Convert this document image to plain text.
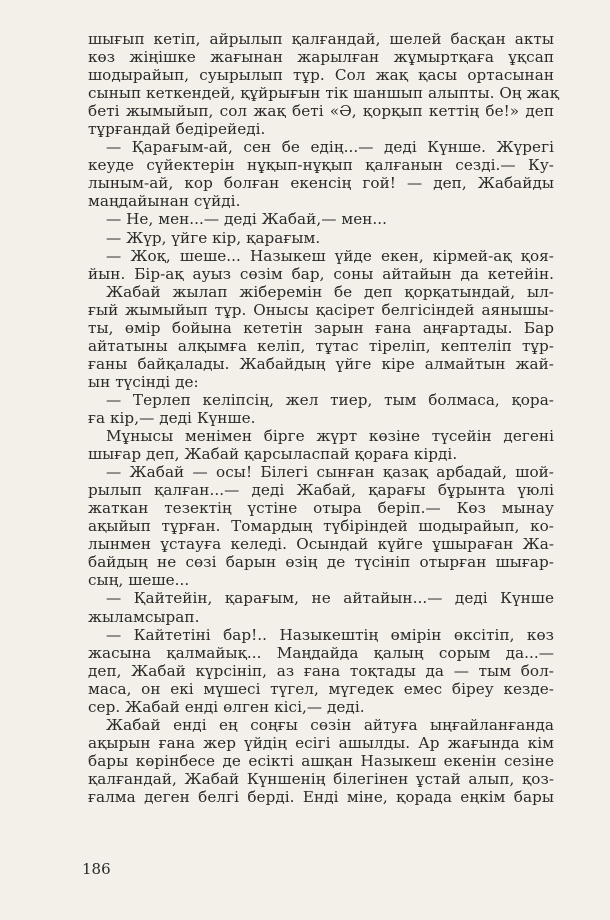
шығып кетіп, айрылып қалғандай, шелей басқан акты
көз жіңішке жағынан жарылған жұмыртқаға ұқсап
шодырайып, суырылып тұр. Сол жақ қасы ортасынан
сынып кеткендей, құйрығын тік шаншып алыпты. Оң жақ
беті жымыйып, сол жақ беті «Ә, қорқып кеттің бе!» деп
тұрғандай бедірейеді.
— Қарағым-ай, сен бе едің...— деді Күнше. Жүрегі
кеуде сүйектерін нұқып-нұқып қалғанын сезді.— Ку-
лыным-ай, кор болған екенсің гой! — деп, Жабайды
маңдайынан сүйді.
— Не, мен...— деді Жабай,— мен...
— Жүр, үйге кір, қарағым.
— Жоқ, шеше... Назыкеш үйде екен, кірмей-ақ қоя-
йын. Бір-ақ ауыз сөзім бар, соны айтайын да кетейін.
Жабай жылап жіберемін бе деп қорқатындай, ыл-
ғый жымыйып тұр. Оныcы қасірет белгісіндей аянышы-
ты, өмір бойына кететін зарын ғана аңғартады. Бар
айтатыны алқымға келіп, тұтас тіреліп, кептеліп тұр-
ғаны байқалады. Жабайдың үйге кіре алмайтын жай-
ын түсінді де:
— Терлеп келіпсің, жел тиер, тым болмаса, қора-
ға кір,— деді Күнше.
Мұнысы менімен бірге жүрт көзіне түсейін дегені
шығар деп, Жабай қарсыласпай қораға кірді.
— Жабай — осы! Білегі сынған қазақ арбадай, шой-
рылып қалған...— деді Жабай, қарағы бұрынта үюлі
жаткан тезектің үстіне отыра беріп.— Көз мынау
ақыйып тұрған. Томардың түбіріндей шодырайып, ко-
лынмен ұстауға келеді. Осындай күйге ұшыраған Жа-
байдың не сөзі барын өзің де түсініп отырған шығар-
сың, шеше...
— Қайтейін, қарағым, не айтайын...— деді Күнше
жыламсырап.
— Кайтетіні бар!.. Назыкештің өмірін өксітіп, көз
жасына қалмайық... Маңдайда қалың сорым да...—
деп, Жабай күрсініп, аз ғана тоқтады да — тым бол-
маса, он екі мүшесі түгел, мүгедек емес біреу кезде-
сер. Жабай енді өлген кісі,— деді.
Жабай енді ең соңғы сөзін айтуға ыңғайланғанда
ақырын ғана жер үйдің есігі ашылды. Ар жағында кім
бары көрінбесе де есікті ашқан Назыкеш екенін сезіне
қалғандай, Жабай Күншенің білегінен ұстай алып, қоз-
ғалма деген белгі берді. Енді міне, қорада еңкім бары
186
